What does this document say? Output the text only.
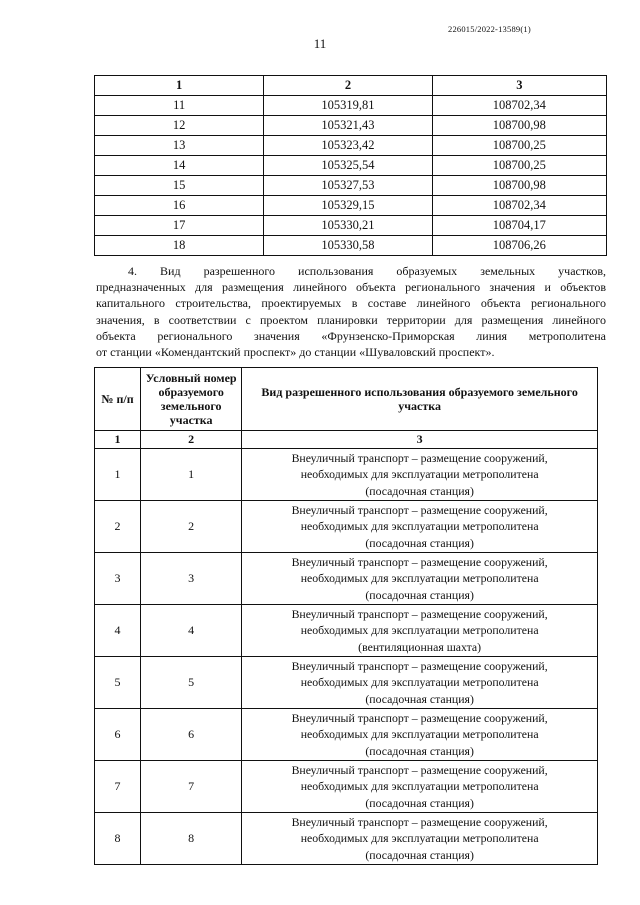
226015/2022-13589(1)
11
1	2	3
11	105319,81	108702,34
12	105321,43	108700,98
13	105323,42	108700,25
14	105325,54	108700,25
15	105327,53	108700,98
16	105329,15	108702,34
17	105330,21	108704,17
18	105330,58	108706,26
4. Вид разрешенного использования образуемых земельных участков,
предназначенных для размещения линейного объекта регионального значения и объектов
капитального строительства, проектируемых в составе линейного объекта регионального
значения, в соответствии с проектом планировки территории для размещения линейного
объекта регионального значения «Фрунзенско-Приморская линия метрополитена
от станции «Комендантский проспект» до станции «Шуваловский проспект».
№ п/п	Условный номер образуемого земельного участка	Вид разрешенного использования образуемого земельного участка
1	2	3
1	1	Внеуличный транспорт – размещение сооружений,
необходимых для эксплуатации метрополитена
(посадочная станция)

2	2	Внеуличный транспорт – размещение сооружений,
необходимых для эксплуатации метрополитена
(посадочная станция)

3	3	Внеуличный транспорт – размещение сооружений,
необходимых для эксплуатации метрополитена
(посадочная станция)

4	4	Внеуличный транспорт – размещение сооружений,
необходимых для эксплуатации метрополитена
(вентиляционная шахта)

5	5	Внеуличный транспорт – размещение сооружений,
необходимых для эксплуатации метрополитена
(посадочная станция)

6	6	Внеуличный транспорт – размещение сооружений,
необходимых для эксплуатации метрополитена
(посадочная станция)

7	7	Внеуличный транспорт – размещение сооружений,
необходимых для эксплуатации метрополитена
(посадочная станция)

8	8	Внеуличный транспорт – размещение сооружений,
необходимых для эксплуатации метрополитена
(посадочная станция)
